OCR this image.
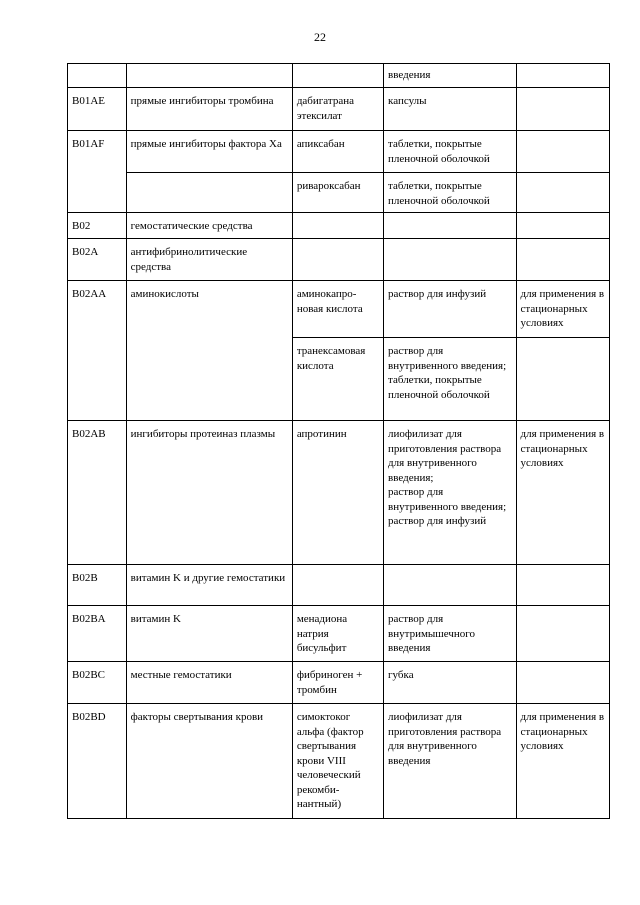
22
			введения	
B01AE	прямые ингибиторы тромбина	дабигатрана этексилат	капсулы	
B01AF	прямые ингибиторы фактора Xa	апиксабан	таблетки, покрытые пленочной оболочкой	
		ривароксабан	таблетки, покрытые пленочной оболочкой	
B02	гемостатические средства			
B02A	антифибринолитические средства			
B02AA	аминокислоты	аминокапро-
новая кислота	раствор для инфузий	для применения в стационарных условиях
		транексамовая кислота	раствор для внутривенного введения;
таблетки, покрытые пленочной оболочкой	
B02AB	ингибиторы протеиназ плазмы	апротинин	лиофилизат для приготовления раствора для внутривенного введения;
раствор для внутривенного введения;
раствор для инфузий	для применения в стационарных условиях
B02B	витамин K и другие гемостатики			
B02BA	витамин K	менадиона натрия бисульфит	раствор для внутримышечного введения	
B02BC	местные гемостатики	фибриноген + тромбин	губка	
B02BD	факторы свертывания крови	симоктоког альфа (фактор свертывания крови VIII человеческий рекомби-
нантный)	лиофилизат для приготовления раствора для внутривенного введения	для применения в стационарных условиях
